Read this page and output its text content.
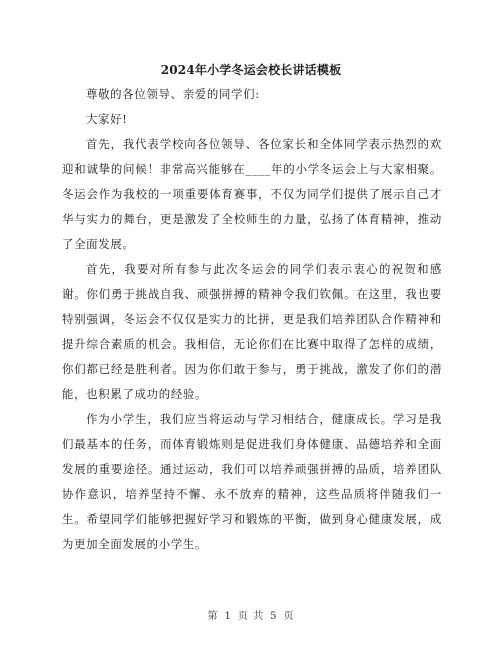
2024年小学冬运会校长讲话模板

尊敬的各位领导、亲爱的同学们:

大家好!

首先，我代表学校向各位领导、各位家长和全体同学表示热烈的欢迎和诚挚的问候！非常高兴能够在____年的小学冬运会上与大家相聚。冬运会作为我校的一项重要体育赛事，不仅为同学们提供了展示自己才华与实力的舞台，更是激发了全校师生的力量，弘扬了体育精神，推动了全面发展。

首先，我要对所有参与此次冬运会的同学们表示衷心的祝贺和感谢。你们勇于挑战自我、顽强拼搏的精神令我们钦佩。在这里，我也要特别强调，冬运会不仅仅是实力的比拼，更是我们培养团队合作精神和提升综合素质的机会。我相信，无论你们在比赛中取得了怎样的成绩，你们都已经是胜利者。因为你们敢于参与，勇于挑战，激发了你们的潜能，也积累了成功的经验。

作为小学生，我们应当将运动与学习相结合，健康成长。学习是我们最基本的任务，而体育锻炼则是促进我们身体健康、品德培养和全面发展的重要途径。通过运动，我们可以培养顽强拼搏的品质，培养团队协作意识，培养坚持不懈、永不放弃的精神，这些品质将伴随我们一生。希望同学们能够把握好学习和锻炼的平衡，做到身心健康发展，成为更加全面发展的小学生。

第 1 页 共 5 页
